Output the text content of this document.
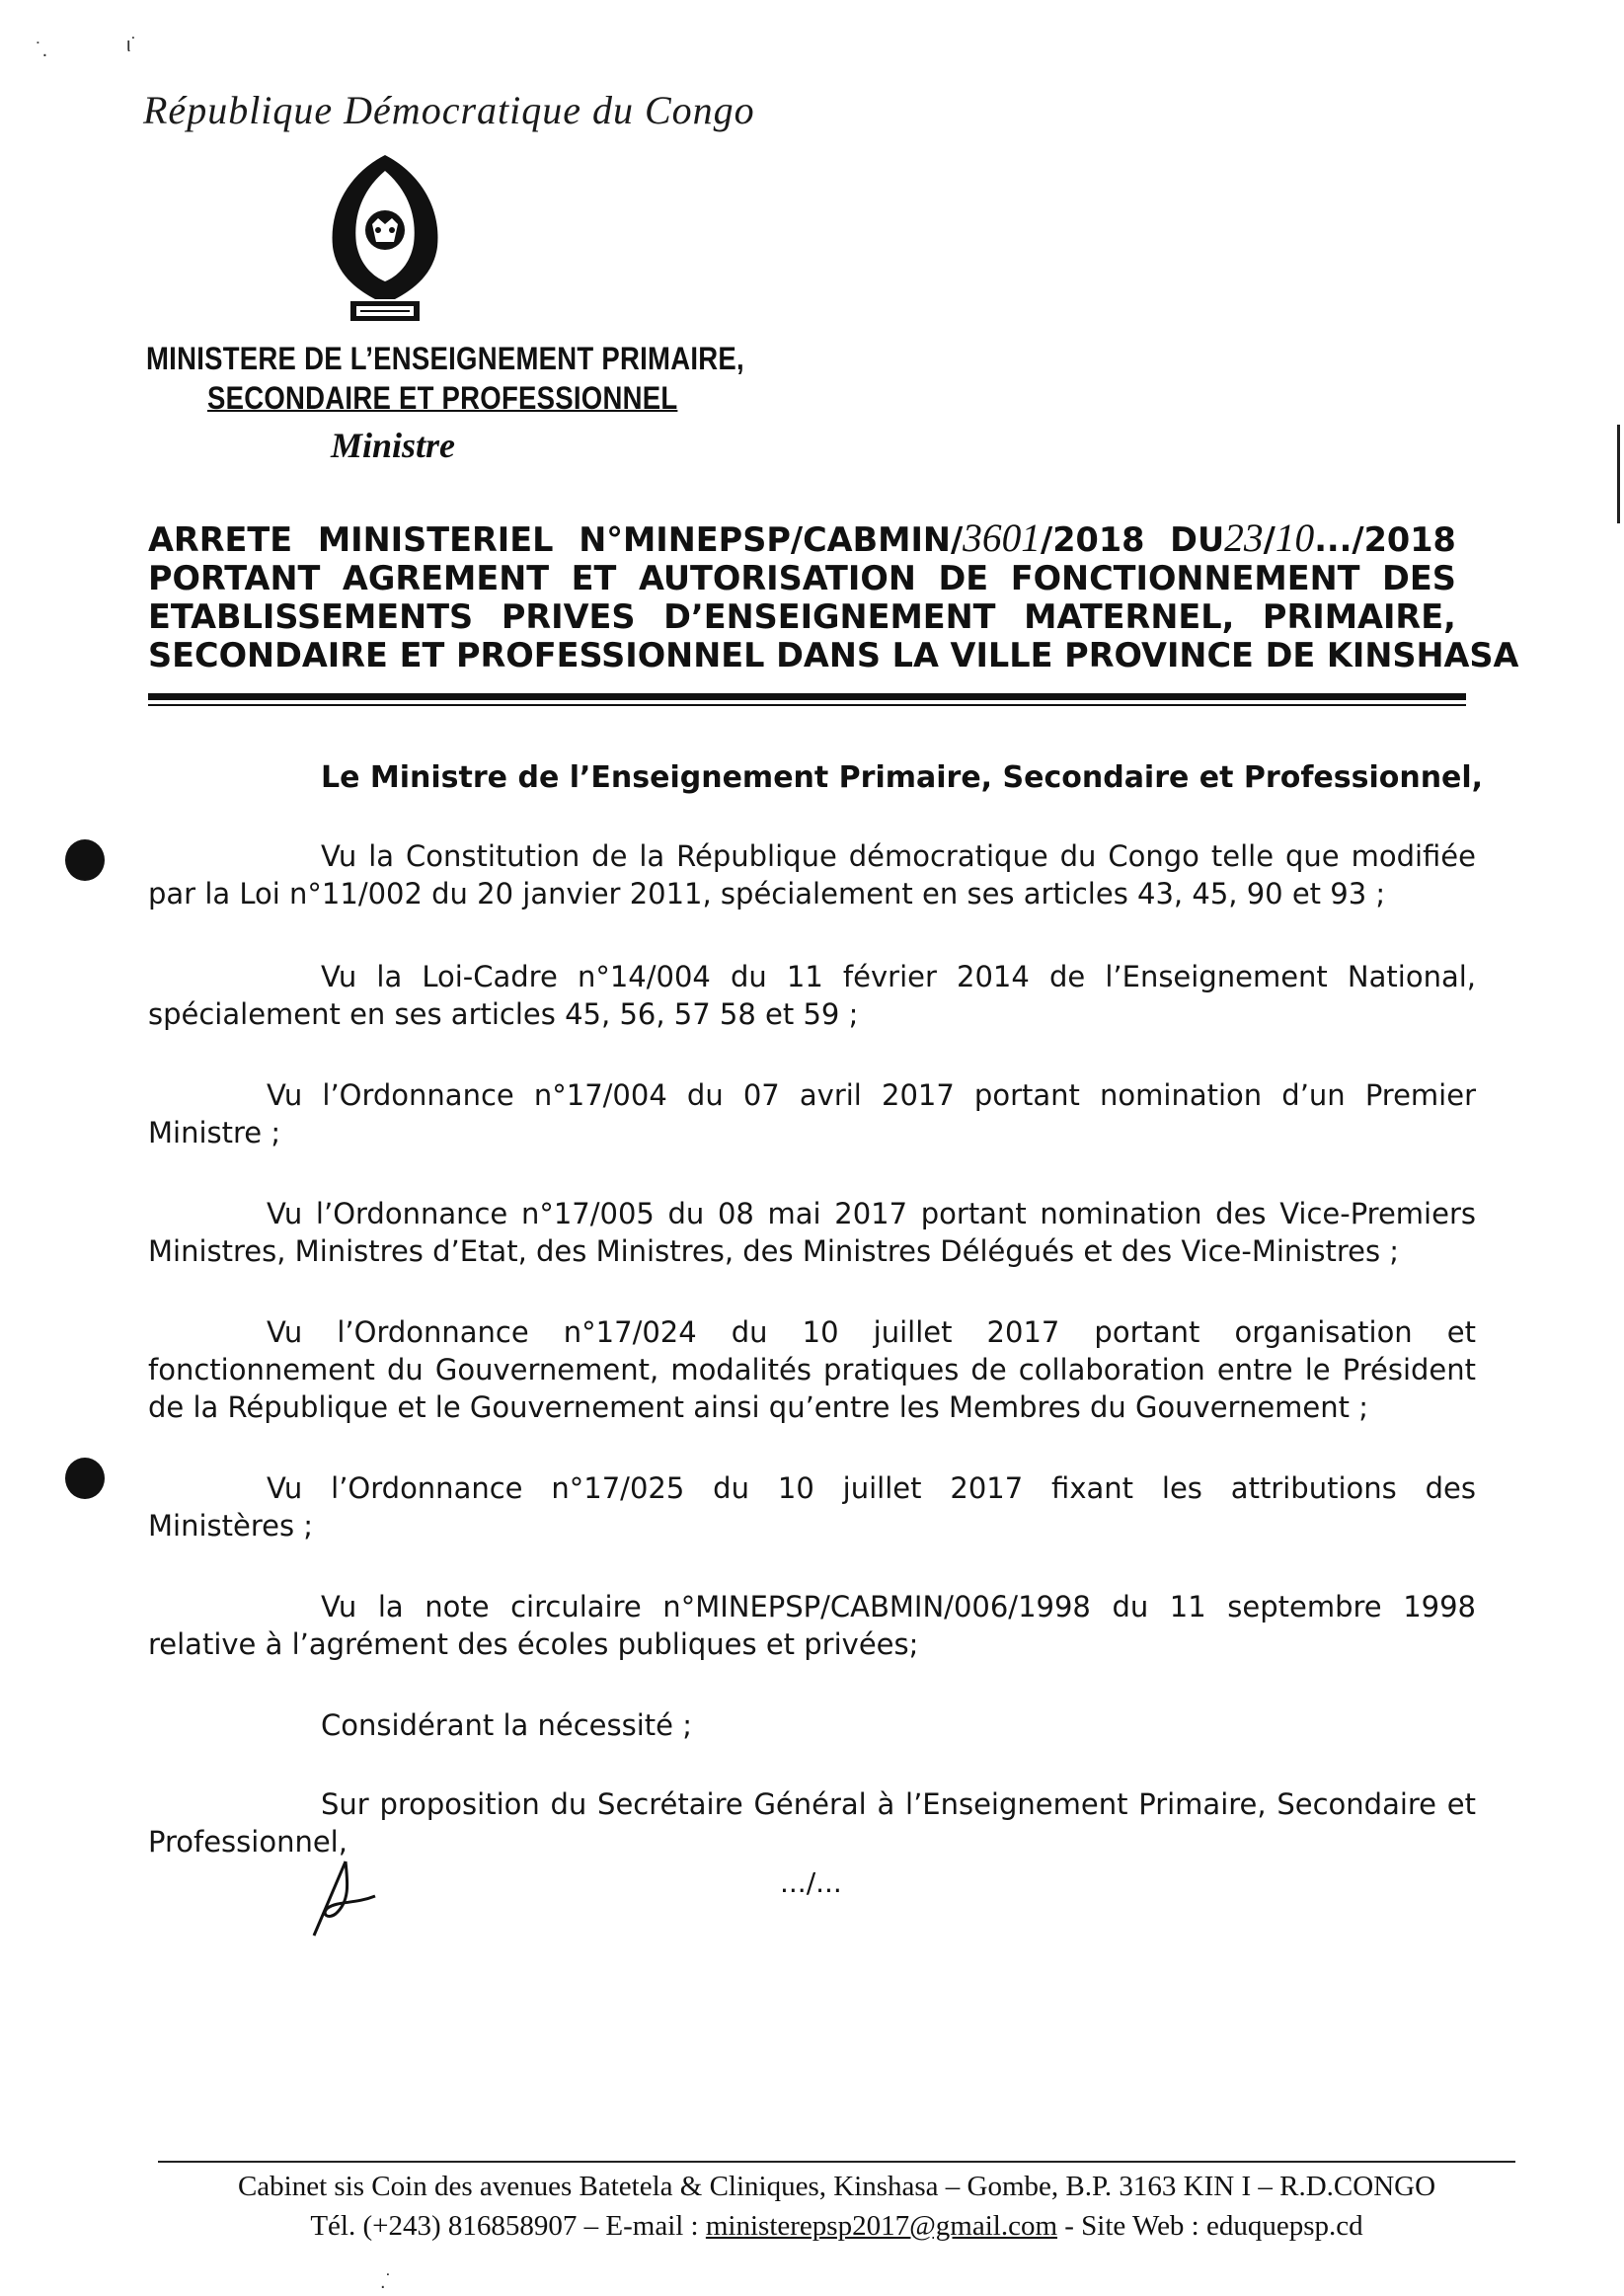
˙.	ι˙
.˙
République Démocratique du Congo
MINISTERE DE L’ENSEIGNEMENT PRIMAIRE,
SECONDAIRE ET PROFESSIONNEL
Ministre
ARRETE MINISTERIEL N°MINEPSP/CABMIN/3601/2018 DU23/10.../2018
PORTANT AGREMENT ET AUTORISATION DE FONCTIONNEMENT DES
ETABLISSEMENTS PRIVES D’ENSEIGNEMENT MATERNEL, PRIMAIRE,
SECONDAIRE ET PROFESSIONNEL DANS LA VILLE PROVINCE DE KINSHASA
Le Ministre de l’Enseignement Primaire, Secondaire et Professionnel,
Vu la Constitution de la République démocratique du Congo telle que modifiée
par la Loi n°11/002 du 20 janvier 2011, spécialement en ses articles 43, 45, 90 et 93 ;
Vu la Loi-Cadre n°14/004 du 11 février 2014 de l’Enseignement National,
spécialement en ses articles 45, 56, 57 58 et 59 ;
Vu l’Ordonnance n°17/004 du 07 avril 2017 portant nomination d’un Premier
Ministre ;
Vu l’Ordonnance n°17/005 du 08 mai 2017 portant nomination des Vice-Premiers
Ministres, Ministres d’Etat, des Ministres, des Ministres Délégués et des Vice-Ministres ;
Vu l’Ordonnance n°17/024 du 10 juillet 2017 portant organisation et
fonctionnement du Gouvernement, modalités pratiques de collaboration entre le Président
de la République et le Gouvernement ainsi qu’entre les Membres du Gouvernement ;
Vu l’Ordonnance n°17/025 du 10 juillet 2017 fixant les attributions des
Ministères ;
Vu la note circulaire n°MINEPSP/CABMIN/006/1998 du 11 septembre 1998
relative à l’agrément des écoles publiques et privées;
Considérant la nécessité ;
Sur proposition du Secrétaire Général à l’Enseignement Primaire, Secondaire et
Professionnel,
.../...
Cabinet sis Coin des avenues Batetela & Cliniques, Kinshasa – Gombe, B.P. 3163 KIN I – R.D.CONGO
Tél. (+243) 816858907 – E-mail : ministerepsp2017@gmail.com - Site Web : eduquepsp.cd
